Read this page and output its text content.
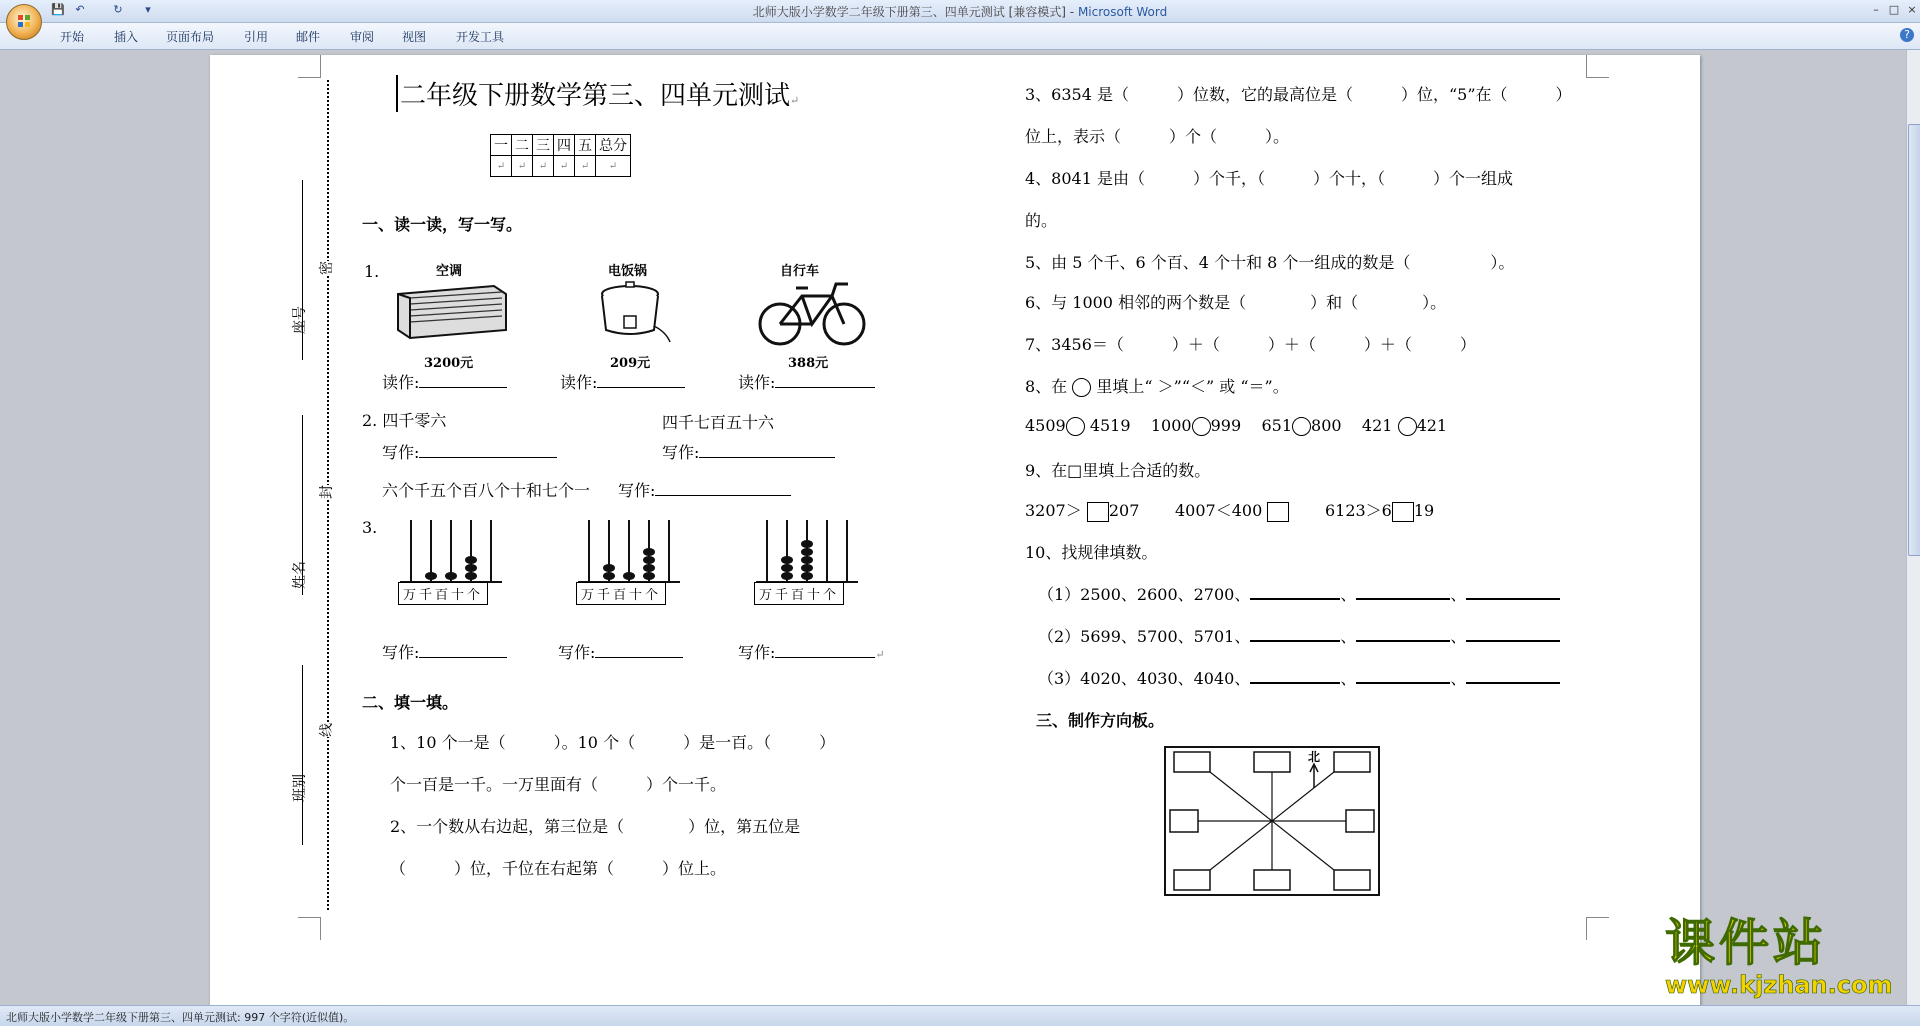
💾 ↶	↻	▾	北师大版小学数学二年级下册第三、四单元测试 [兼容模式] - Microsoft Word	– □ ×
开始 插入 页面布局 引用 邮件 审阅 视图 开发工具	?
座号
姓名
班别
密
封
线
二年级下册数学第三、四单元测试↵
一	二	三	四	五	总分
↵	↵	↵	↵	↵	↵
一、读一读，写一写。
1.	空调	电饭锅	自行车
3200元	209元	388元
读作:	读作:	读作:
2. 四千零六	四千七百五十六
写作:	写作:
六个千五个百八个十和七个一 写作:
3.
万千百十个	万千百十个	万千百十个
写作:	写作:	写作:	↵
二、填一填。
1、10 个一是（　　　）。10 个（　　　）是一百。（　　　）
个一百是一千。一万里面有（　　　）个一千。
2、一个数从右边起，第三位是（　　　　）位，第五位是
（　　　）位，千位在右起第（　　　）位上。
3、6354 是（　　　）位数，它的最高位是（　　　）位，“5”在（　　　）
位上，表示（　　　）个（　　　）。
4、8041 是由（　　　）个千，（　　　）个十，（　　　）个一组成
的。
5、由 5 个千、6 个百、4 个十和 8 个一组成的数是（　　　　　）。
6、与 1000 相邻的两个数是（　　　　）和（　　　　）。
7、3456＝（　　　）＋（　　　）＋（　　　）＋（　　　）
8、在 里填上“ ＞”“＜” 或 “＝”。
4509 4519 1000 999 651 800 421 421
9、在□里填上合适的数。
3207＞ 207 4007＜400	6123＞6 19
10、找规律填数。
（1）2500、2600、2700、	、	、
（2）5699、5700、5701、	、	、
（3）4020、4030、4040、	、	、
三、制作方向板。
北
北师大版小学数学二年级下册第三、四单元测试: 997 个字符(近似值)。
课件站
www.kjzhan.com
